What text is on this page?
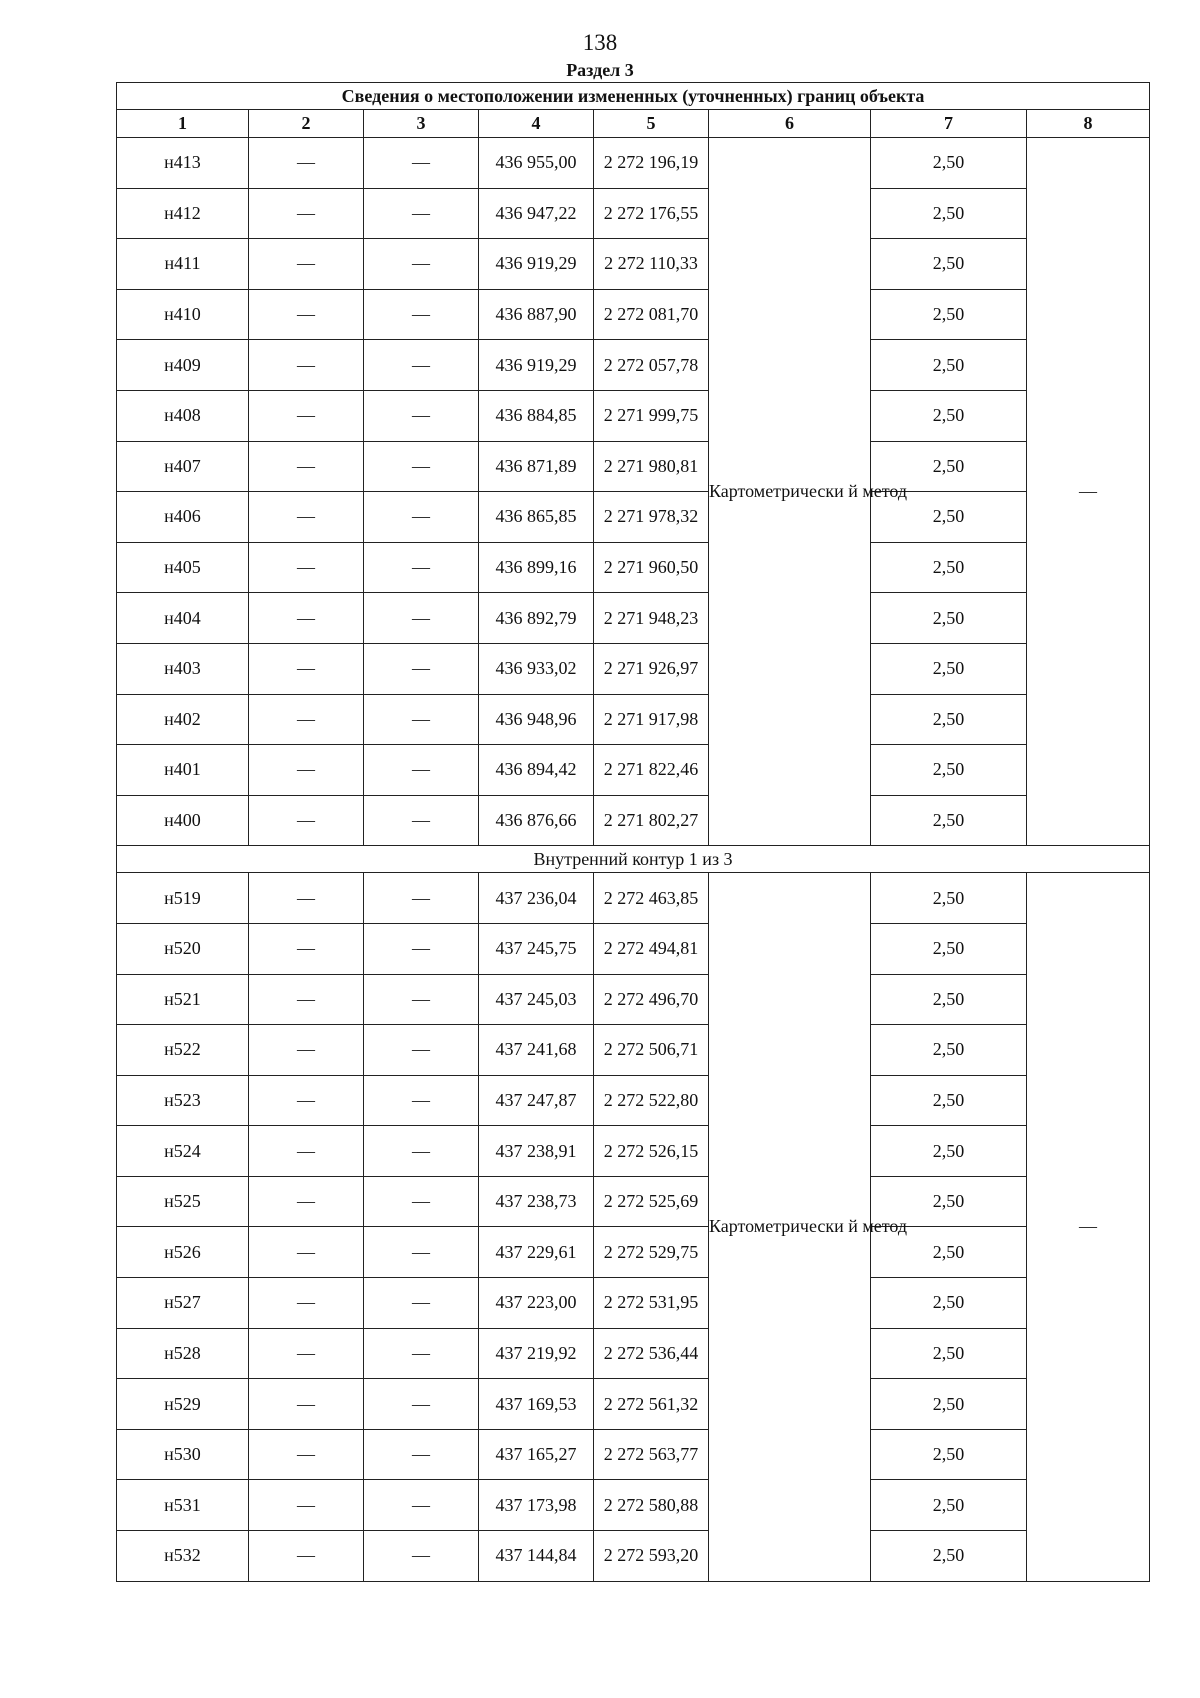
138
Раздел 3
Сведения о местоположении измененных (уточненных) границ объекта							
1	2	3	4	5	6	7	8
н413	—	—	436 955,00	2 272 196,19	Картометрически й метод	2,50	—
н412	—	—	436 947,22	2 272 176,55		2,50	
н411	—	—	436 919,29	2 272 110,33		2,50	
н410	—	—	436 887,90	2 272 081,70		2,50	
н409	—	—	436 919,29	2 272 057,78		2,50	
н408	—	—	436 884,85	2 271 999,75		2,50	
н407	—	—	436 871,89	2 271 980,81		2,50	
н406	—	—	436 865,85	2 271 978,32		2,50	
н405	—	—	436 899,16	2 271 960,50		2,50	
н404	—	—	436 892,79	2 271 948,23		2,50	
н403	—	—	436 933,02	2 271 926,97		2,50	
н402	—	—	436 948,96	2 271 917,98		2,50	
н401	—	—	436 894,42	2 271 822,46		2,50	
н400	—	—	436 876,66	2 271 802,27		2,50	
Внутренний контур 1 из 3							
н519	—	—	437 236,04	2 272 463,85	Картометрически й метод	2,50	—
н520	—	—	437 245,75	2 272 494,81		2,50	
н521	—	—	437 245,03	2 272 496,70		2,50	
н522	—	—	437 241,68	2 272 506,71		2,50	
н523	—	—	437 247,87	2 272 522,80		2,50	
н524	—	—	437 238,91	2 272 526,15		2,50	
н525	—	—	437 238,73	2 272 525,69		2,50	
н526	—	—	437 229,61	2 272 529,75		2,50	
н527	—	—	437 223,00	2 272 531,95		2,50	
н528	—	—	437 219,92	2 272 536,44		2,50	
н529	—	—	437 169,53	2 272 561,32		2,50	
н530	—	—	437 165,27	2 272 563,77		2,50	
н531	—	—	437 173,98	2 272 580,88		2,50	
н532	—	—	437 144,84	2 272 593,20		2,50	
